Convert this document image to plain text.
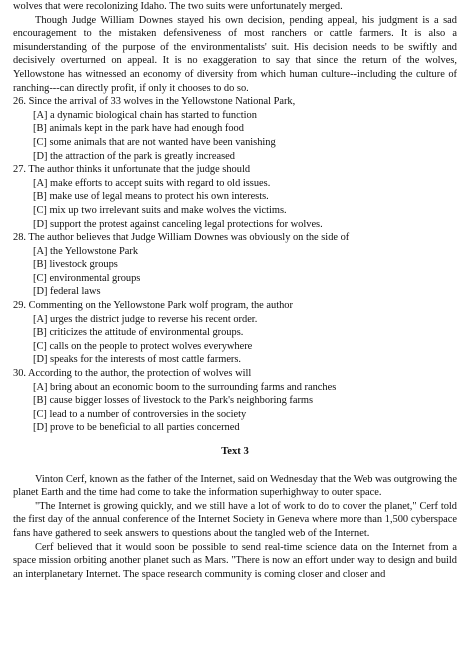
wolves that were recolonizing Idaho. The two suits were unfortunately merged.

Though Judge William Downes stayed his own decision, pending appeal, his judgment is a sad encouragement to the mistaken defensiveness of most ranchers or cattle farmers. It is also a misunderstanding of the purpose of the environmentalists' suit. His decision needs to be swiftly and decisively overturned on appeal. It is no exaggeration to say that since the return of the wolves, Yellowstone has witnessed an economy of diversity from which human culture--including the culture of ranching---can directly profit, if only it chooses to do so.

26. Since the arrival of 33 wolves in the Yellowstone National Park,

[A] a dynamic biological chain has started to function
[B] animals kept in the park have had enough food
[C] some animals that are not wanted have been vanishing
[D] the attraction of the park is greatly increased

27. The author thinks it unfortunate that the judge should

[A] make efforts to accept suits with regard to old issues.
[B] make use of legal means to protect his own interests.
[C] mix up two irrelevant suits and make wolves the victims.
[D] support the protest against canceling legal protections for wolves.

28. The author believes that Judge William Downes was obviously on the side of

[A] the Yellowstone Park
[B] livestock groups
[C] environmental groups
[D] federal laws

29. Commenting on the Yellowstone Park wolf program, the author

[A] urges the district judge to reverse his recent order.
[B] criticizes the attitude of environmental groups.
[C] calls on the people to protect wolves everywhere
[D] speaks for the interests of most cattle farmers.

30. According to the author, the protection of wolves will

[A] bring about an economic boom to the surrounding farms and ranches
[B] cause bigger losses of livestock to the Park's neighboring farms
[C] lead to a number of controversies in the society
[D] prove to be beneficial to all parties concerned
Text 3

Vinton Cerf, known as the father of the Internet, said on Wednesday that the Web was outgrowing the planet Earth and the time had come to take the information superhighway to outer space.

"The Internet is growing quickly, and we still have a lot of work to do to cover the planet," Cerf told the first day of the annual conference of the Internet Society in Geneva where more than 1,500 cyberspace fans have gathered to seek answers to questions about the tangled web of the Internet.

Cerf believed that it would soon be possible to send real-time science data on the Internet from a space mission orbiting another planet such as Mars. "There is now an effort under way to design and build an interplanetary Internet. The space research community is coming closer and closer and
